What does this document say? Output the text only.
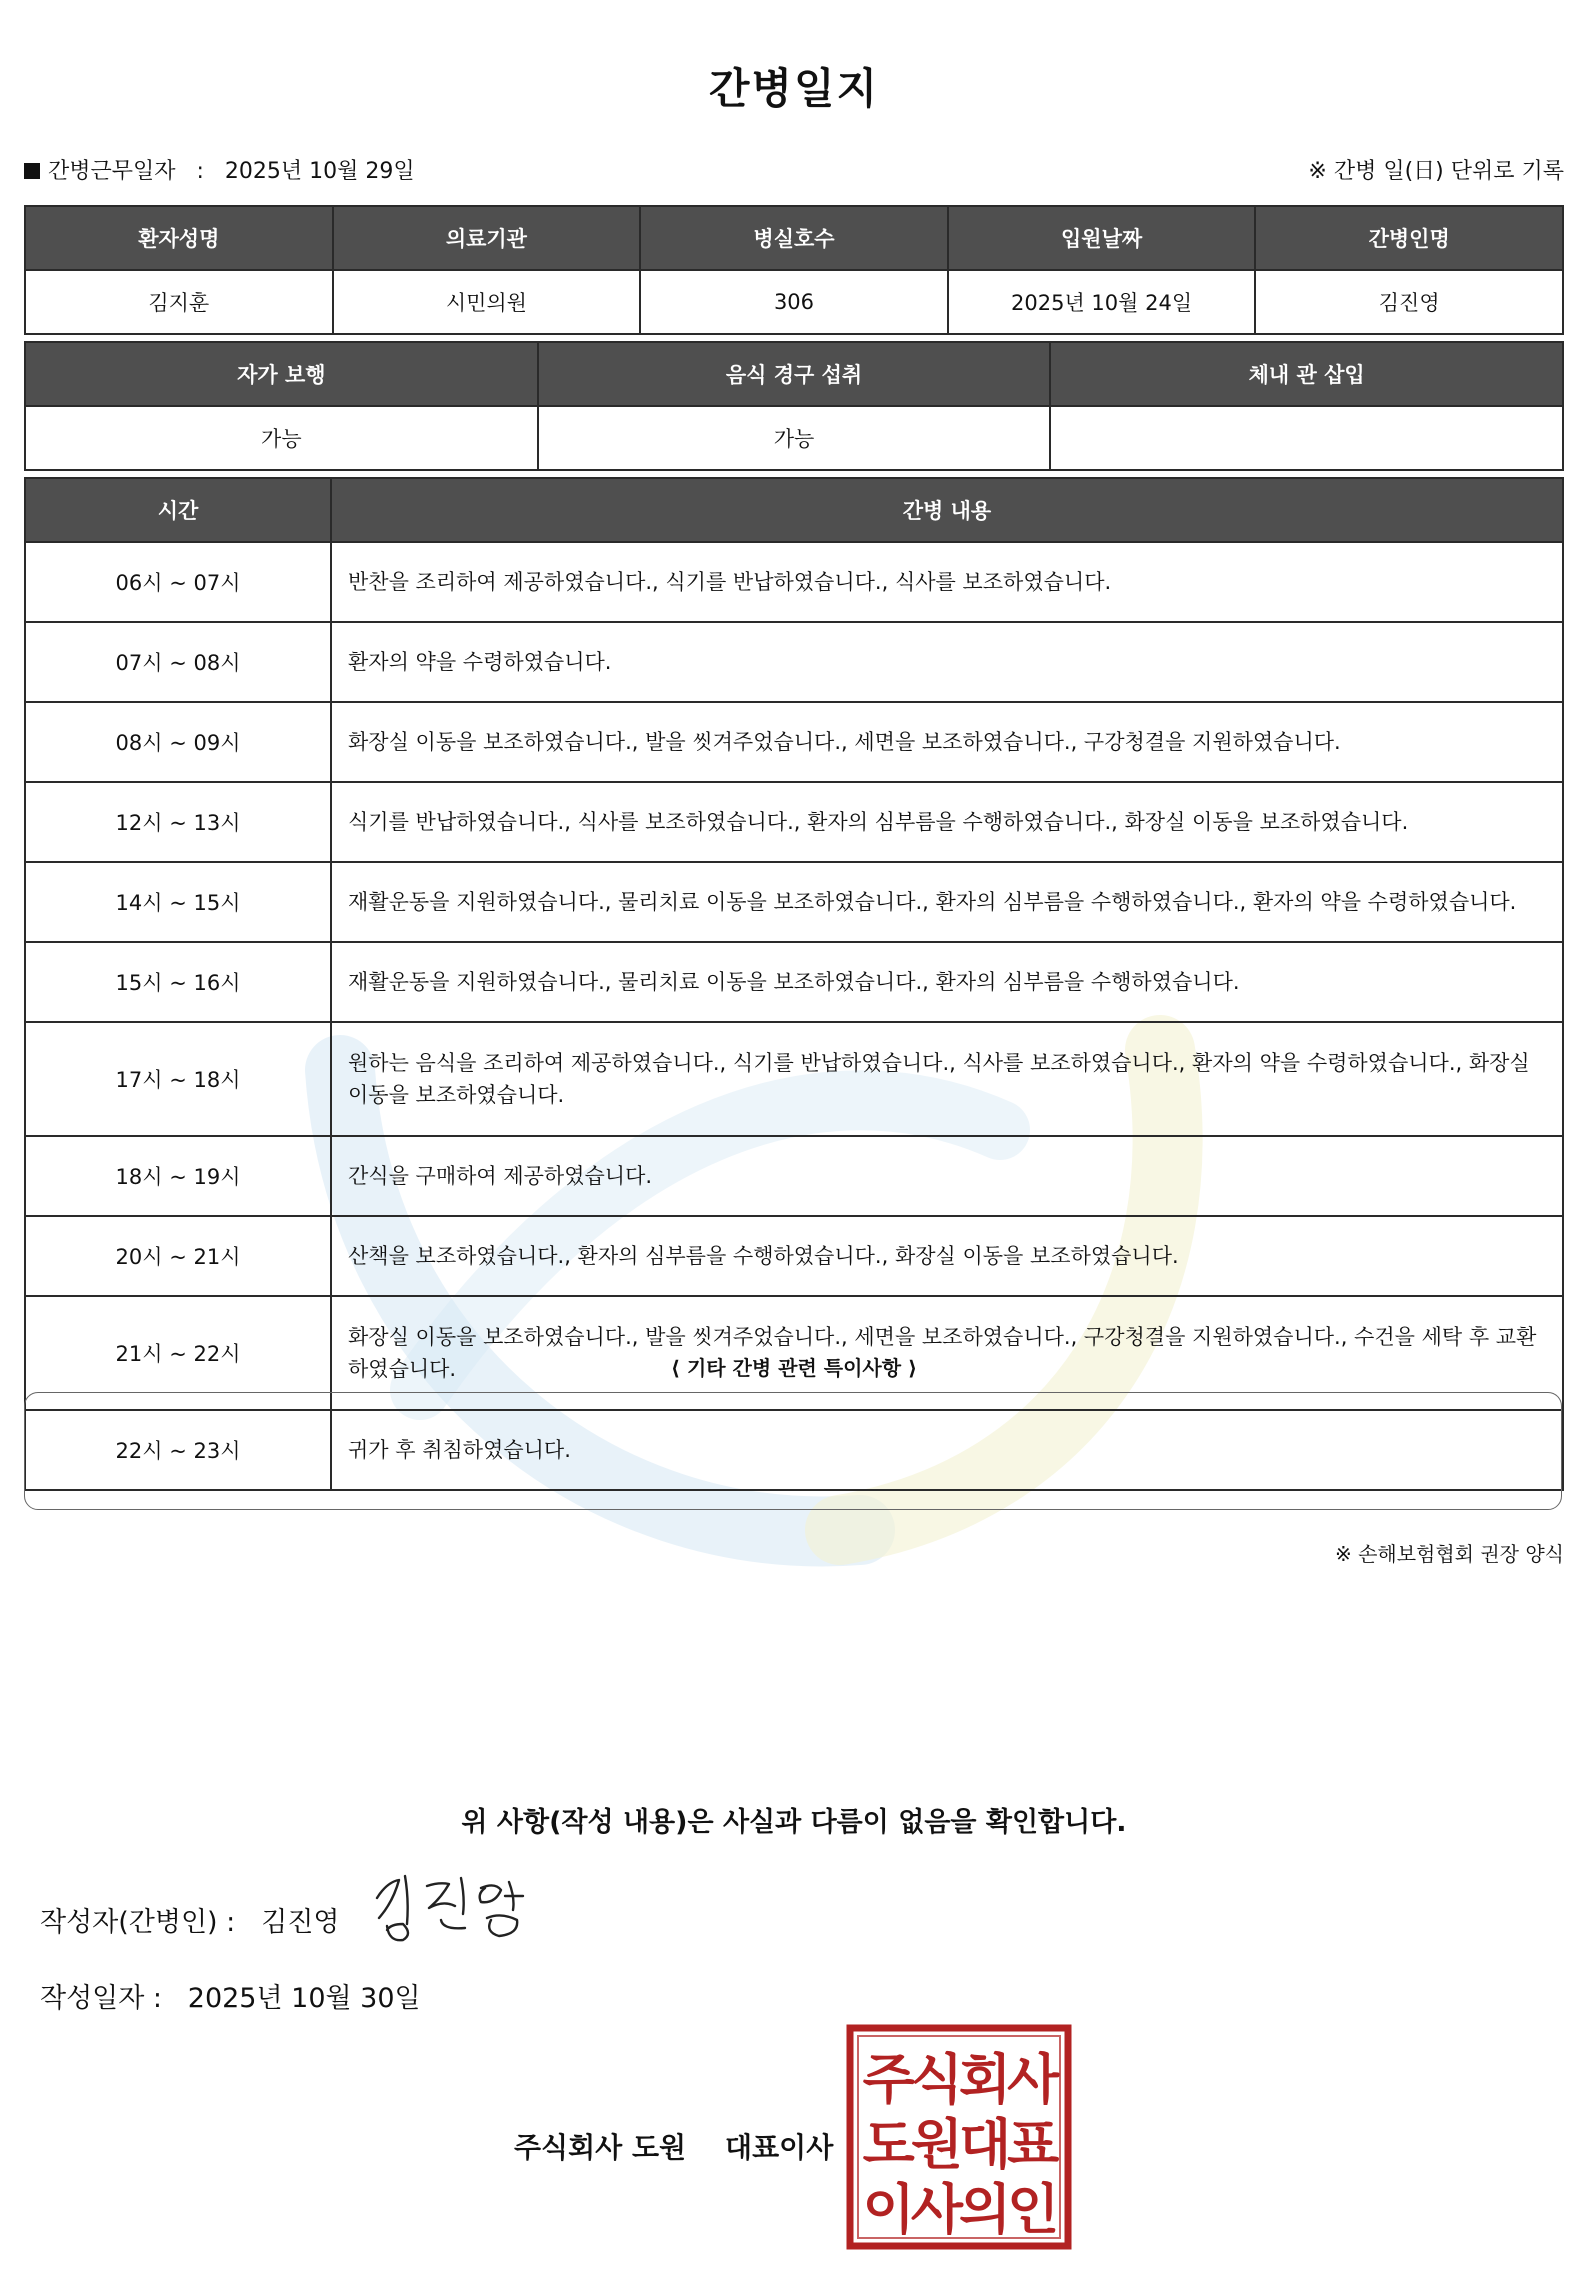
간병일지
간병근무일자 : 2025년 10월 29일	※ 간병 일(日) 단위로 기록
환자성명	의료기관	병실호수	입원날짜	간병인명
김지훈	시민의원	306	2025년 10월 24일	김진영
자가 보행	음식 경구 섭취	체내 관 삽입
가능	가능	
시간	간병 내용
06시 ~ 07시	반찬을 조리하여 제공하였습니다., 식기를 반납하였습니다., 식사를 보조하였습니다.
07시 ~ 08시	환자의 약을 수령하였습니다.
08시 ~ 09시	화장실 이동을 보조하였습니다., 발을 씻겨주었습니다., 세면을 보조하였습니다., 구강청결을 지원하였습니다.
12시 ~ 13시	식기를 반납하였습니다., 식사를 보조하였습니다., 환자의 심부름을 수행하였습니다., 화장실 이동을 보조하였습니다.
14시 ~ 15시	재활운동을 지원하였습니다., 물리치료 이동을 보조하였습니다., 환자의 심부름을 수행하였습니다., 환자의 약을 수령하였습니다.
15시 ~ 16시	재활운동을 지원하였습니다., 물리치료 이동을 보조하였습니다., 환자의 심부름을 수행하였습니다.
17시 ~ 18시	원하는 음식을 조리하여 제공하였습니다., 식기를 반납하였습니다., 식사를 보조하였습니다., 환자의 약을 수령하였습니다., 화장실 이동을 보조하였습니다.
18시 ~ 19시	간식을 구매하여 제공하였습니다.
20시 ~ 21시	산책을 보조하였습니다., 환자의 심부름을 수행하였습니다., 화장실 이동을 보조하였습니다.
21시 ~ 22시	화장실 이동을 보조하였습니다., 발을 씻겨주었습니다., 세면을 보조하였습니다., 구강청결을 지원하였습니다., 수건을 세탁 후 교환하였습니다.
22시 ~ 23시	귀가 후 취침하였습니다.
⟨ 기타 간병 관련 특이사항 ⟩
※ 손해보험협회 권장 양식
위 사항(작성 내용)은 사실과 다름이 없음을 확인합니다.
작성자(간병인) : 김진영
작성일자 : 2025년 10월 30일
주식회사 도원 대표이사
주식회사
도원대표
이사의인
